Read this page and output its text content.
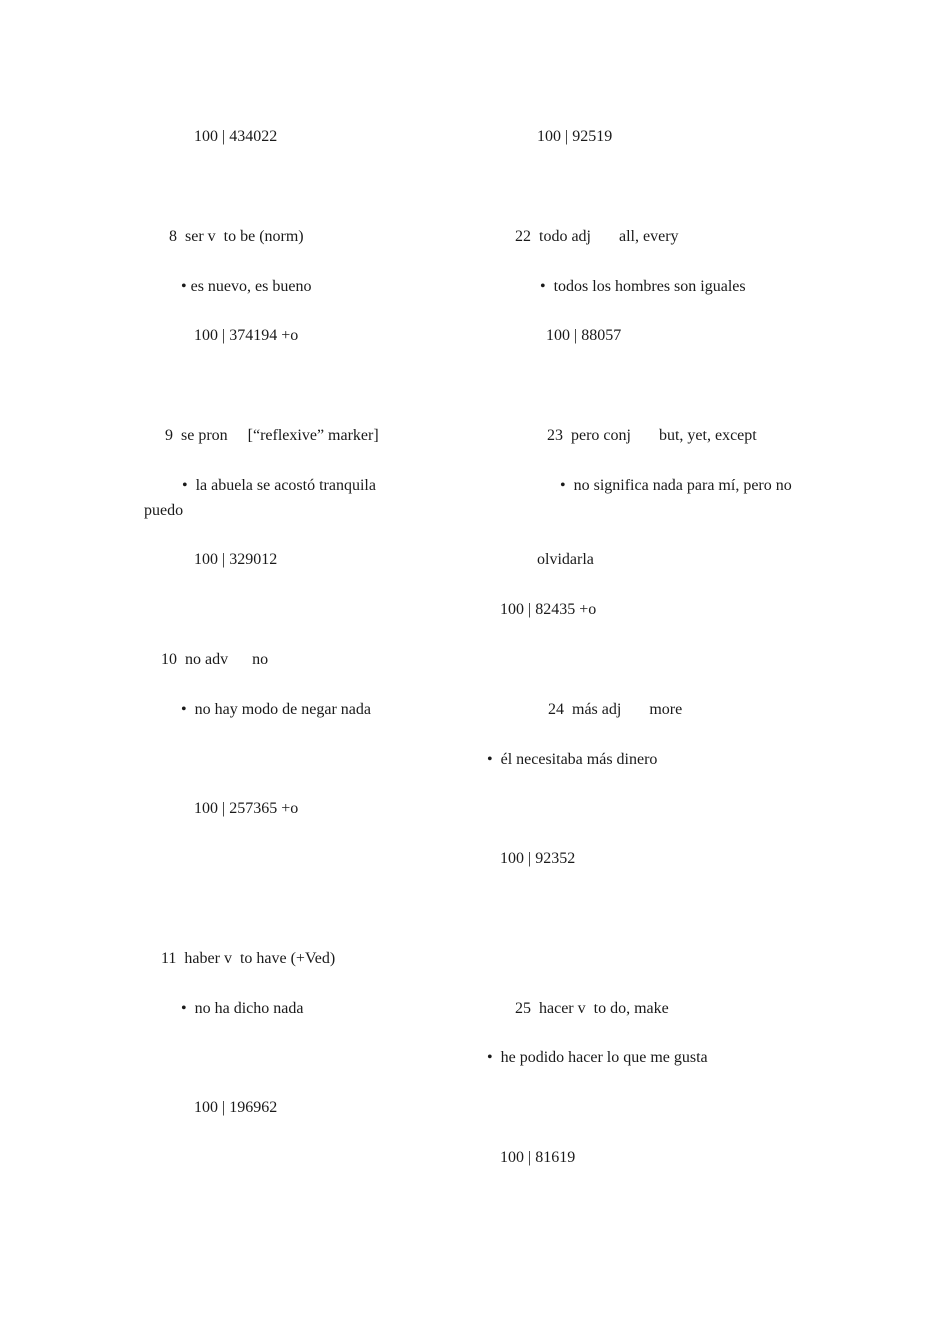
100 | 434022
8  ser v  to be (norm)
• es nuevo, es bueno
100 | 374194 +o
9  se pron     [“reflexive” marker]
•  la abuela se acostó tranquila
100 | 329012
10  no adv      no
•  no hay modo de negar nada
100 | 257365 +o
11  haber v  to have (+Ved)
•  no ha dicho nada
100 | 196962
100 | 92519
22  todo adj       all, every
•  todos los hombres son iguales
100 | 88057
23  pero conj       but, yet, except
•  no significa nada para mí, pero no
puedo
olvidarla
100 | 82435 +o
24  más adj       more
•  él necesitaba más dinero
100 | 92352
25  hacer v  to do, make
•  he podido hacer lo que me gusta
100 | 81619
